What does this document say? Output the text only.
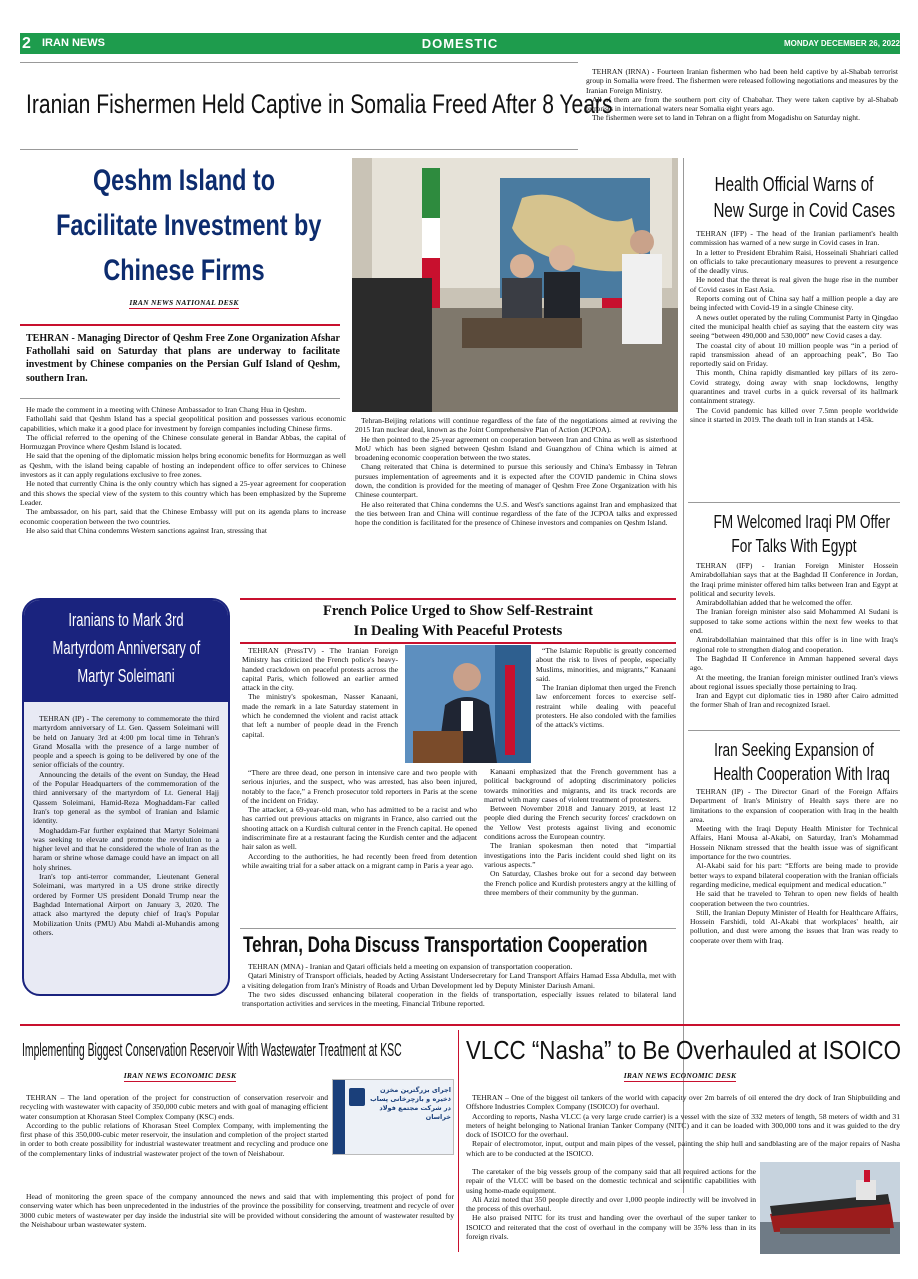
2 IRAN NEWS	DOMESTIC	MONDAY DECEMBER 26, 2022
Iranian Fishermen Held Captive in Somalia Freed After 8 Years

TEHRAN (IRNA) - Fourteen Iranian fishermen who had been held captive by al-Shabab terrorist group in Somalia were freed. The fishermen were released following negotiations and measures by the Iranian Foreign Ministry.

All of them are from the southern port city of Chabahar. They were taken captive by al-Shabab terrorists in international waters near Somalia eight years ago.

The fishermen were set to land in Tehran on a flight from Mogadishu on Saturday night.

Qeshm Island to
Facilitate Investment by
Chinese Firms
IRAN NEWS NATIONAL DESK
TEHRAN - Managing Director of Qeshm Free Zone Organization Afshar Fathollahi said on Saturday that plans are underway to facilitate investment by Chinese companies on the Persian Gulf Island of Qeshm, southern Iran.

He made the comment in a meeting with Chinese Ambassador to Iran Chang Hua in Qeshm.

Fathollahi said that Qeshm Island has a special geopolitical position and possesses various economic capabilities, which make it a good place for investment by foreign companies including Chinese firms.

The official referred to the opening of the Chinese consulate general in Bandar Abbas, the capital of Hormuzgan Province where Qeshm Island is located.

He said that the opening of the diplomatic mission helps bring economic benefits for Hormuzgan as well as Qeshm, with the island being capable of hosting an independent office to offer services to Chinese investors as it can apply regulations exclusive to free zones.

He noted that currently China is the only country which has signed a 25-year agreement for cooperation and this shows the special view of the system to this country which has been emphasized by the Supreme Leader.

The ambassador, on his part, said that the Chinese Embassy will put on its agenda plans to increase economic cooperation between the two countries.

He also said that China condemns Western sanctions against Iran, stressing that

Tehran-Beijing relations will continue regardless of the fate of the negotiations aimed at reviving the 2015 Iran nuclear deal, known as the Joint Comprehensive Plan of Action (JCPOA).

He then pointed to the 25-year agreement on cooperation between Iran and China as well as sisterhood MoU which has been signed between Qeshm Island and Guangzhou of China which is aimed at broadening economic cooperation between the two states.

Chang reiterated that China is determined to pursue this seriously and China's Embassy in Tehran pursues implementation of agreements and it is expected after the COVID pandemic in China slows down, the condition is provided for the meeting of manager of Qeshm Free Zone Organization with his Chinese counterpart.

He also reiterated that China condemns the U.S. and West's sanctions against Iran and emphasized that the ties between Iran and China will continue regardless of the fate of the JCPOA talks and expressed hope the condition is facilitated for the presence of Chinese investors and companies on Qeshm Island.

Health Official Warns of
New Surge in Covid Cases

TEHRAN (IFP) - The head of the Iranian parliament's health commission has warned of a new surge in Covid cases in Iran.

In a letter to President Ebrahim Raisi, Hosseinali Shahriari called on officials to take precautionary measures to prevent a resurgence of the deadly virus.

He noted that the threat is real given the huge rise in the number of Covid cases in East Asia.

Reports coming out of China say half a million people a day are being infected with Covid-19 in a single Chinese city.

A news outlet operated by the ruling Communist Party in Qingdao cited the municipal health chief as saying that the eastern city was seeing “between 490,000 and 530,000” new Covid cases a day.

The coastal city of about 10 million people was “in a period of rapid transmission ahead of an approaching peak”, Bo Tao reportedly said on Friday.

This month, China rapidly dismantled key pillars of its zero-Covid strategy, doing away with snap lockdowns, lengthy quarantines and travel curbs in a quick reversal of its hallmark containment strategy.

The Covid pandemic has killed over 7.5mn people worldwide since it started in 2019. The death toll in Iran stands at 145k.

FM Welcomed Iraqi PM Offer
For Talks With Egypt

TEHRAN (IFP) - Iranian Foreign Minister Hossein Amirabdollahian says that at the Baghdad II Conference in Jordan, the Iraqi prime minister offered him talks between Iran and Egypt at political and security levels.

Amirabdollahian added that he welcomed the offer.

The Iranian foreign minister also said Mohammed Al Sudani is supposed to take some actions within the next few weeks to that end.

Amirabdollahian maintained that this offer is in line with Iraq's regional role to strengthen dialog and cooperation.

The Baghdad II Conference in Amman happened several days ago.

At the meeting, the Iranian foreign minister outlined Iran's views about regional issues specially those pertaining to Iraq.

Iran and Egypt cut diplomatic ties in 1980 after Cairo admitted the former Shah of Iran and recognized Israel.

Iran Seeking Expansion of
Health Cooperation With Iraq

TEHRAN (IP) - The Director Gnarl of the Foreign Affairs Department of Iran's Ministry of Health says there are no limitations to the expansion of cooperation with Iraq in the health area.

Meeting with the Iraqi Deputy Health Minister for Technical Affairs, Hani Mousa al-Akabi, on Saturday, Iran's Mohammad Hossein Niknam stressed that the health issue was of significant importance for the two countries.

Al-Akabi said for his part: “Efforts are being made to provide better ways to expand bilateral cooperation with the Iranian officials regarding medicine, medical equipment and medical education.”

He said that he traveled to Tehran to open new fields of health cooperation between the two countries.

Still, the Iranian Deputy Minister of Health for Healthcare Affairs, Hossein Farshidi, told Al-Akabi that workplaces' health, air pollution, and dust were among the issues that Iran was ready to cooperate over them with Iraq.

Iranians to Mark 3rd
Martyrdom Anniversary of
Martyr Soleimani

TEHRAN (IP) - The ceremony to commemorate the third martyrdom anniversary of Lt. Gen. Qassem Soleimani will be held on January 3rd at 4:00 pm local time in Tehran's Grand Mosalla with the presence of a large number of people and a speech is going to be delivered by one of the senior officials of the country.

Announcing the details of the event on Sunday, the Head of the Popular Headquarters of the commemoration of the third anniversary of the martyrdom of Lt. General Hajj Qassem Soleimani, Hamid-Reza Moghaddam-Far called Iran's top general as the symbol of Iranian and Islamic identity.

Moghaddam-Far further explained that Martyr Soleimani was seeking to elevate and promote the revolution to a higher level and that he considered the whole of Iran as the haram or shrine whose damage could have an impact on all holy shrines.

Iran's top anti-terror commander, Lieutenant General Soleimani, was martyred in a US drone strike directly ordered by Former US president Donald Trump near the Baghdad International Airport on January 3, 2020. The attack also martyred the deputy chief of Iraq's Popular Mobilization Units (PMU) Abu Mahdi al-Muhandis among others.

French Police Urged to Show Self-Restraint
In Dealing With Peaceful Protests

TEHRAN (PressTV) - The Iranian Foreign Ministry has criticized the French police's heavy-handed crackdown on peaceful protests across the capital Paris, which followed an earlier armed attack in the city.

The ministry's spokesman, Nasser Kanaani, made the remark in a late Saturday statement in which he condemned the violent and racist attack that left a number of people dead in the French capital.

“There are three dead, one person in intensive care and two people with serious injuries, and the suspect, who was arrested, has also been injured, notably to the face,” a French prosecutor told reporters in Paris at the scene of the incident on Friday.

The attacker, a 69-year-old man, who has admitted to be a racist and who has carried out previous attacks on migrants in France, also carried out the shooting attack on a Kurdish cultural center in the French capital. He opened indiscriminate fire at a restaurant facing the Kurdish center and the adjacent hair salon as well.

According to the authorities, he had recently been freed from detention while awaiting trial for a saber attack on a migrant camp in Paris a year ago.

“The Islamic Republic is greatly concerned about the risk to lives of people, especially Muslims, minorities, and migrants,” Kanaani said.

The Iranian diplomat then urged the French law enforcement forces to exercise self-restraint while dealing with peaceful protesters. He also condoled with the families of the attack's victims.

Kanaani emphasized that the French government has a political background of adopting discriminatory policies towards minorities and migrants, and its track records are marred with many cases of violent treatment of protesters.

Between November 2018 and January 2019, at least 12 people died during the French security forces' crackdown on the Yellow Vest protests against living and economic conditions across the European country.

The Iranian spokesman then noted that “impartial investigations into the Paris incident could shed light on its various aspects.”

On Saturday, Clashes broke out for a second day between the French police and Kurdish protesters angry at the killing of three members of their community by the gunman.

Tehran, Doha Discuss Transportation Cooperation

TEHRAN (MNA) - Iranian and Qatari officials held a meeting on expansion of transportation cooperation.

Qatari Ministry of Transport officials, headed by Acting Assistant Undersecretary for Land Transport Affairs Hamad Essa Abdulla, met with a visiting delegation from Iran's Ministry of Roads and Urban Development led by Deputy Minister Dariush Amani.

The two sides discussed enhancing bilateral cooperation in the fields of transportation, especially issues related to bilateral land transportation activities and services in the meeting, Financial Tribune reported.

Implementing Biggest Conservation Reservoir With Wastewater Treatment at KSC
IRAN NEWS ECONOMIC DESK
اجرای بزرگترین مخزن ذخیره و بازچرخانی پساب در شرکت مجتمع فولاد خراسان

TEHRAN – The land operation of the project for construction of conservation reservoir and recycling with wastewater with capacity of 350,000 cubic meters and with goal of managing efficient water consumption at Khorasan Steel Complex Company (KSC) ends.

According to the public relations of Khorasan Steel Complex Company, with implementing the first phase of this 350,000-cubic meter reservoir, the insulation and completion of the project started in order to both create possibility for industrial wastewater treatment and recycling and produce one of the complementary links of industrial wastewater project of the town of Neishabour.

Head of monitoring the green space of the company announced the news and said that with implementing this project of pond for conserving water which has been unprecedented in the industries of the province the possibility for conserving, treatment and recycle of over 3000 cubic meters of wastewater per day inside the industrial site will be provided without considering the amount of wastewater resulted by the Neishabour urban wastewater system.

VLCC “Nasha” to Be Overhauled at ISOICO
IRAN NEWS ECONOMIC DESK

TEHRAN – One of the biggest oil tankers of the world with capacity over 2m barrels of oil entered the dry dock of Iran Shipbuilding and Offshore Industries Complex Company (ISOICO) for overhaul.

According to reports, Nasha VLCC (a very large crude carrier) is a vessel with the size of 332 meters of length, 58 meters of width and 31 meters of height belonging to National Iranian Tanker Company (NITC) and it can be loaded with 300,000 tons and it was guided to the dry dock of ISOICO for the overhaul.

Repair of electromotor, input, output and main pipes of the vessel, painting the ship hull and sandblasting are of the major repairs of Nasha which are to be conducted at the ISOICO.

The caretaker of the big vessels group of the company said that all required actions for the repair of the VLCC will be based on the domestic technical and scientific capabilities with using home-made equipment.

Ali Azizi noted that 350 people directly and over 1,000 people indirectly will be involved in the process of this overhaul.

He also praised NITC for its trust and handing over the overhaul of the super tanker to ISOICO and reiterated that the cost of overhaul in the company will be 35% less than in its foreign rivals.
